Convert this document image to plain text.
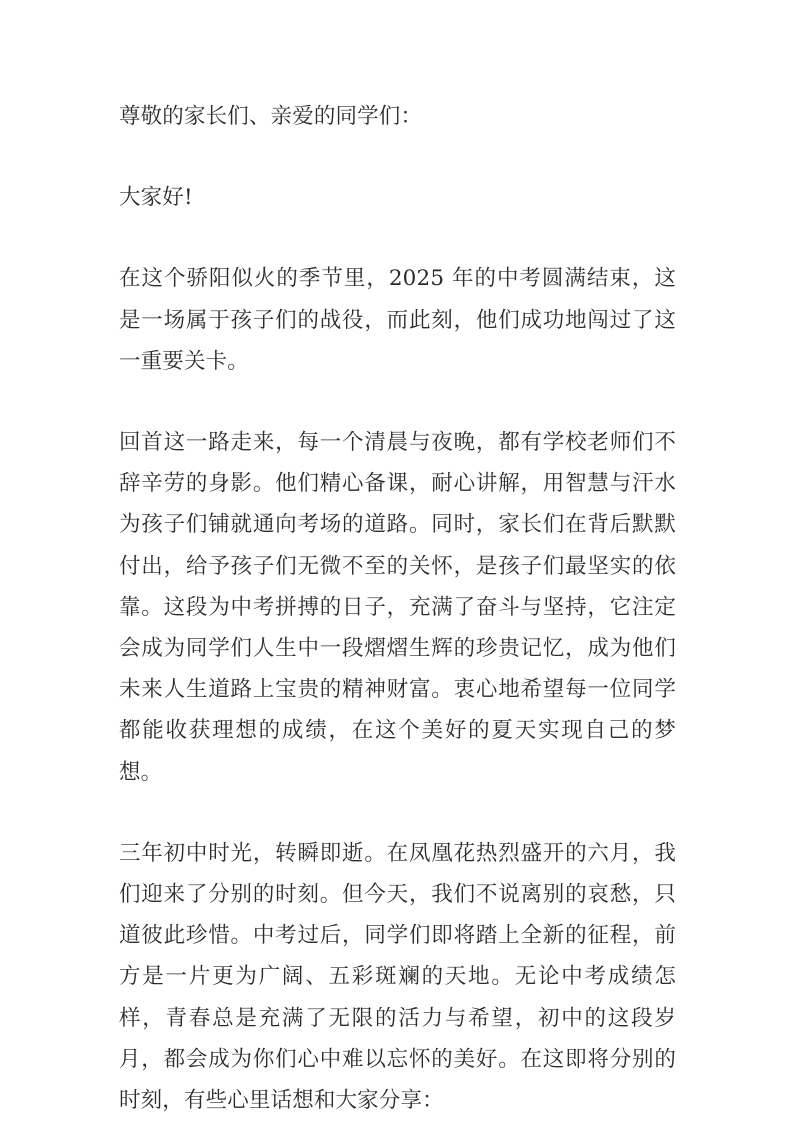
尊敬的家长们、亲爱的同学们：

大家好!

在这个骄阳似火的季节里，2025 年的中考圆满结束，这是一场属于孩子们的战役，而此刻，他们成功地闯过了这一重要关卡。

回首这一路走来，每一个清晨与夜晚，都有学校老师们不辞辛劳的身影。他们精心备课，耐心讲解，用智慧与汗水为孩子们铺就通向考场的道路。同时，家长们在背后默默付出，给予孩子们无微不至的关怀，是孩子们最坚实的依靠。这段为中考拼搏的日子，充满了奋斗与坚持，它注定会成为同学们人生中一段熠熠生辉的珍贵记忆，成为他们未来人生道路上宝贵的精神财富。衷心地希望每一位同学都能收获理想的成绩，在这个美好的夏天实现自己的梦想。

三年初中时光，转瞬即逝。在凤凰花热烈盛开的六月，我们迎来了分别的时刻。但今天，我们不说离别的哀愁，只道彼此珍惜。中考过后，同学们即将踏上全新的征程，前方是一片更为广阔、五彩斑斓的天地。无论中考成绩怎样，青春总是充满了无限的活力与希望，初中的这段岁月，都会成为你们心中难以忘怀的美好。在这即将分别的时刻，有些心里话想和大家分享：
